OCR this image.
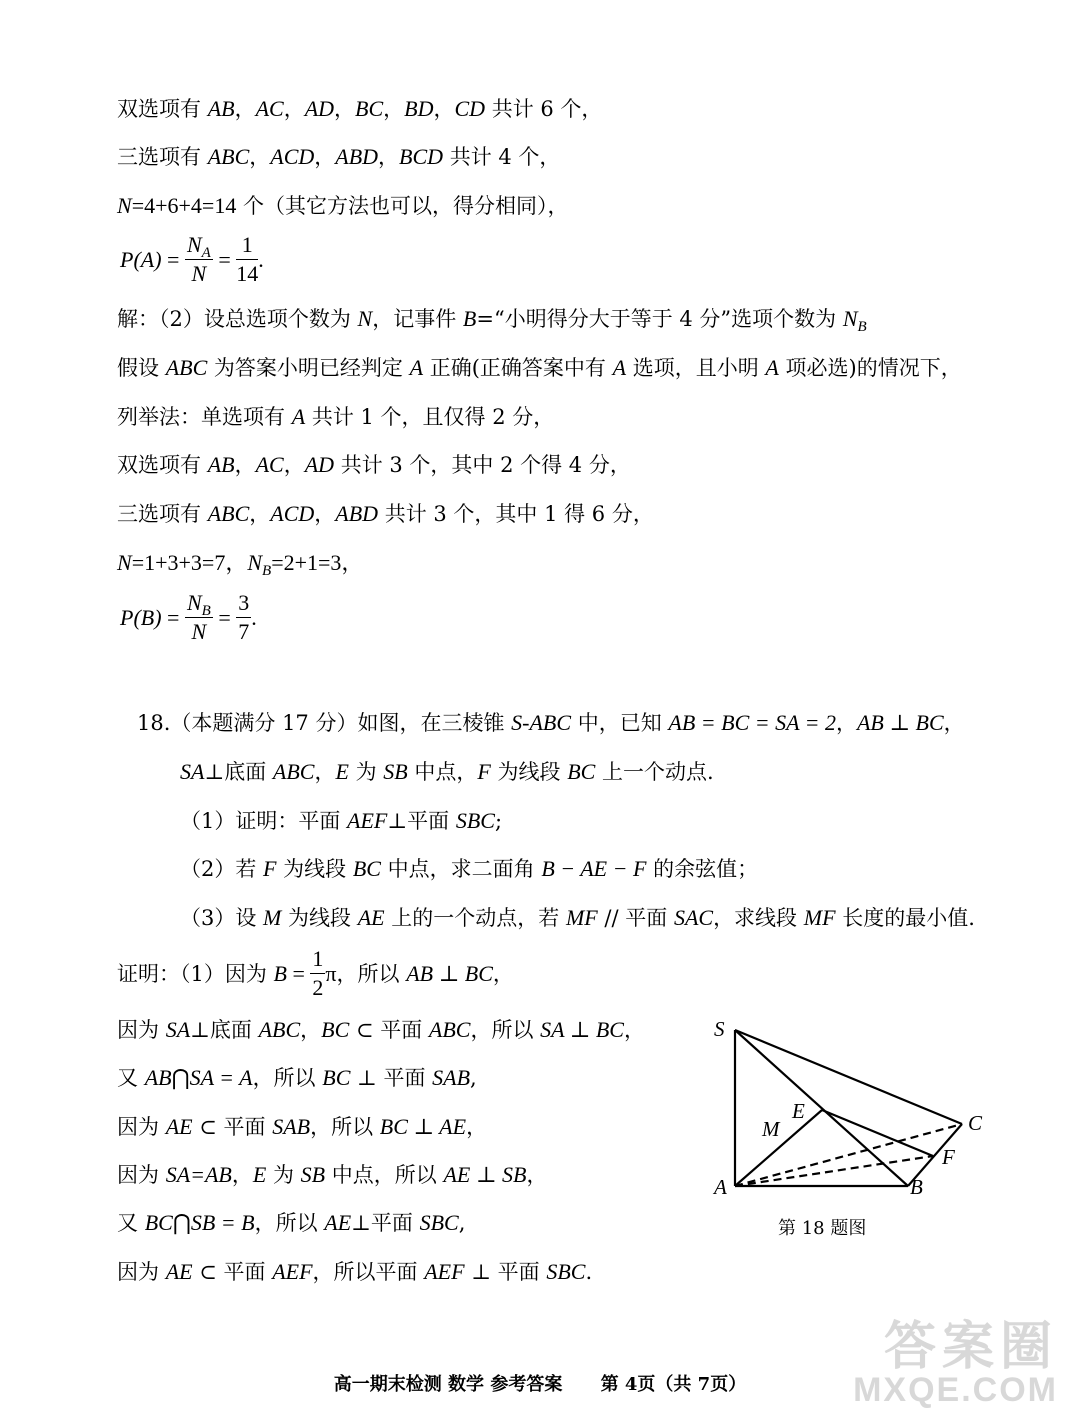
双选项有 AB，AC，AD，BC，BD，CD 共计 6 个，
三选项有 ABC，ACD，ABD，BCD 共计 4 个，
N=4+6+4=14 个（其它方法也可以，得分相同），
$P(A) = \frac{N_A}{N} = \frac{1}{14}$ .
解：（2）设总选项个数为 N，记事件 B=“小明得分大于等于 4 分”选项个数为 $N_B$
假设 ABC 为答案小明已经判定 A 正确(正确答案中有 A 选项，且小明 A 项必选)的情况下，
列举法：单选项有 A 共计 1 个，且仅得 2 分，
双选项有 AB，AC，AD 共计 3 个，其中 2 个得 4 分，
三选项有 ABC，ACD，ABD 共计 3 个，其中 1 得 6 分，
N=1+3+3=7，$N_B=2+1=3$，
$P(B) = \frac{N_B}{N} = \frac{3}{7}$ .
18.（本题满分 17 分）如图，在三棱锥 S-ABC 中，已知 AB = BC = SA = 2，AB ⊥ BC，
SA⊥底面 ABC，E 为 SB 中点，F 为线段 BC 上一个动点.
（1）证明：平面 AEF⊥平面 SBC;
（2）若 F 为线段 BC 中点，求二面角 B − AE − F 的余弦值；
（3）设 M 为线段 AE 上的一个动点，若 MF // 平面 SAC，求线段 MF 长度的最小值.
证明：（1）因为 $B = \frac{1}{2}$ π，所以 AB ⊥ BC，
因为 SA⊥底面 ABC，BC ⊂ 平面 ABC，所以 SA ⊥ BC，
又 AB⋂SA = A，所以 BC ⊥ 平面 SAB,
因为 AE ⊂ 平面 SAB，所以 BC ⊥ AE，
因为 SA=AB，E 为 SB 中点，所以 AE ⊥ SB，
又 BC⋂SB = B，所以 AE⊥平面 SBC,
因为 AE ⊂ 平面 AEF，所以平面 AEF ⊥ 平面 SBC.
S
A	B
C
E
F
M
第 18 题图
高一期末检测 数学 参考答案 第 4页（共 7页）
答案圈
MXQE.COM
